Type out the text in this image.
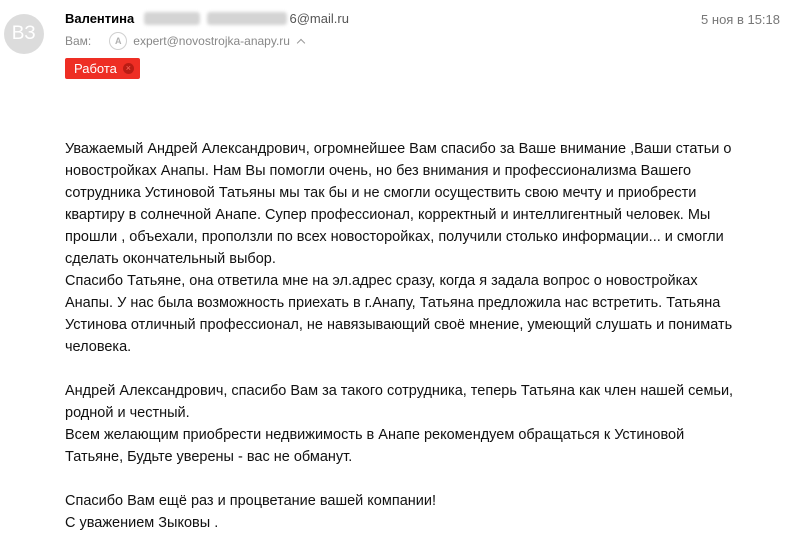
ВЗ
Валентина	6@mail.ru	5 ноя в 15:18
Вам:	A expert@novostrojka-anapy.ru
Работа ×
Уважаемый Андрей Александрович, огромнейшее Вам спасибо за Ваше внимание ,Ваши статьи о
новостройках Анапы. Нам Вы помогли очень, но без внимания и профессионализма Вашего
сотрудника Устиновой Татьяны мы так бы и не смогли осуществить свою мечту и приобрести
квартиру в солнечной Анапе. Супер профессионал, корректный и интеллигентный человек. Мы
прошли , объехали, проползли по всех новосторойках, получили столько информации... и смогли
сделать окончательный выбор.
Спасибо Татьяне, она ответила мне на эл.адрес сразу, когда я задала вопрос о новостройках
Анапы. У нас была возможность приехать в г.Анапу, Татьяна предложила нас встретить. Татьяна
Устинова отличный профессионал, не навязывающий своё мнение, умеющий слушать и понимать
человека.
Андрей Александрович, спасибо Вам за такого сотрудника, теперь Татьяна как член нашей семьи,
родной и честный.
Всем желающим приобрести недвижимость в Анапе рекомендуем обращаться к Устиновой
Татьяне, Будьте уверены - вас не обманут.
Спасибо Вам ещё раз и процветание вашей компании!
С уважением Зыковы .
